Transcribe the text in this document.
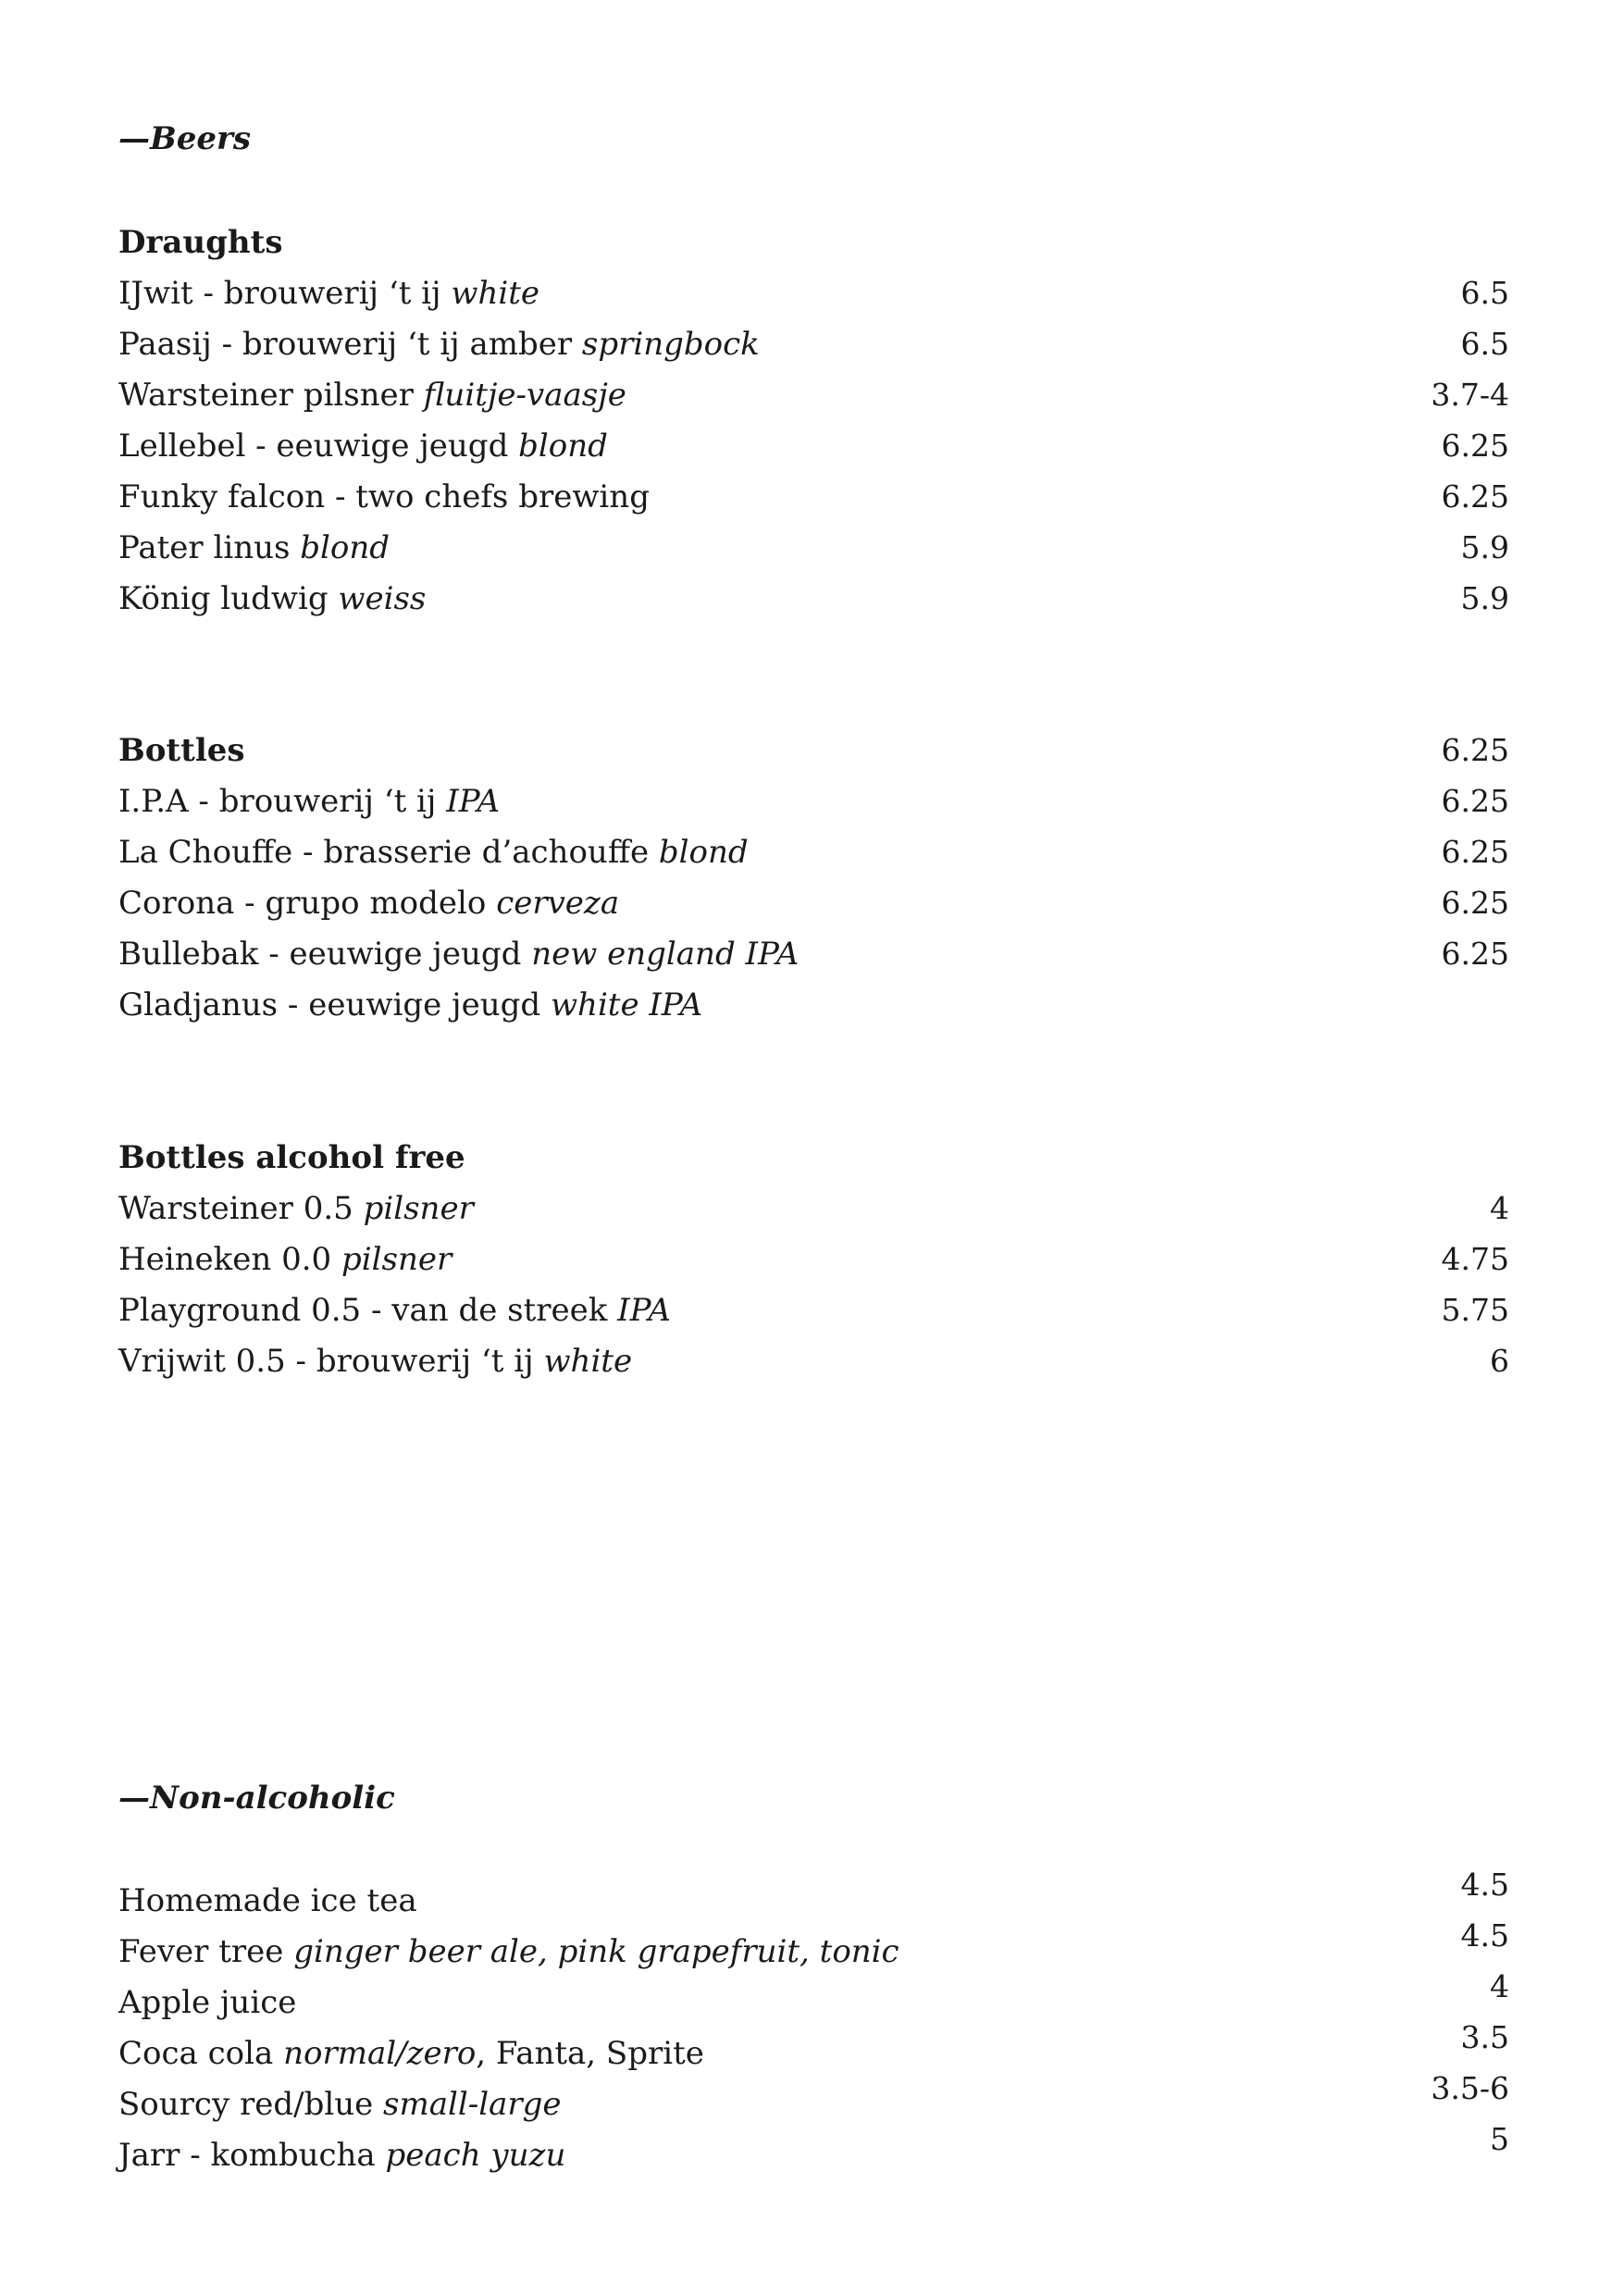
—Beers
Draughts
IJwit - brouwerij ‘t ij white	6.5
Paasij - brouwerij ‘t ij amber springbock	6.5
Warsteiner pilsner fluitje-vaasje	3.7-4
Lellebel - eeuwige jeugd blond	6.25
Funky falcon - two chefs brewing	6.25
Pater linus blond	5.9
König ludwig weiss	5.9
Bottles	6.25
I.P.A - brouwerij ‘t ij IPA	6.25
La Chouffe - brasserie d’achouffe blond	6.25
Corona - grupo modelo cerveza	6.25
Bullebak - eeuwige jeugd new england IPA	6.25
Gladjanus - eeuwige jeugd white IPA
Bottles alcohol free
Warsteiner 0.5 pilsner	4
Heineken 0.0 pilsner	4.75
Playground 0.5 - van de streek IPA	5.75
Vrijwit 0.5 - brouwerij ‘t ij white	6
—Non-alcoholic
Homemade ice tea	4.5
Fever tree ginger beer ale, pink grapefruit, tonic	4.5
Apple juice	4
Coca cola normal/zero, Fanta, Sprite	3.5
Sourcy red/blue small-large	3.5-6
Jarr - kombucha peach yuzu	5
